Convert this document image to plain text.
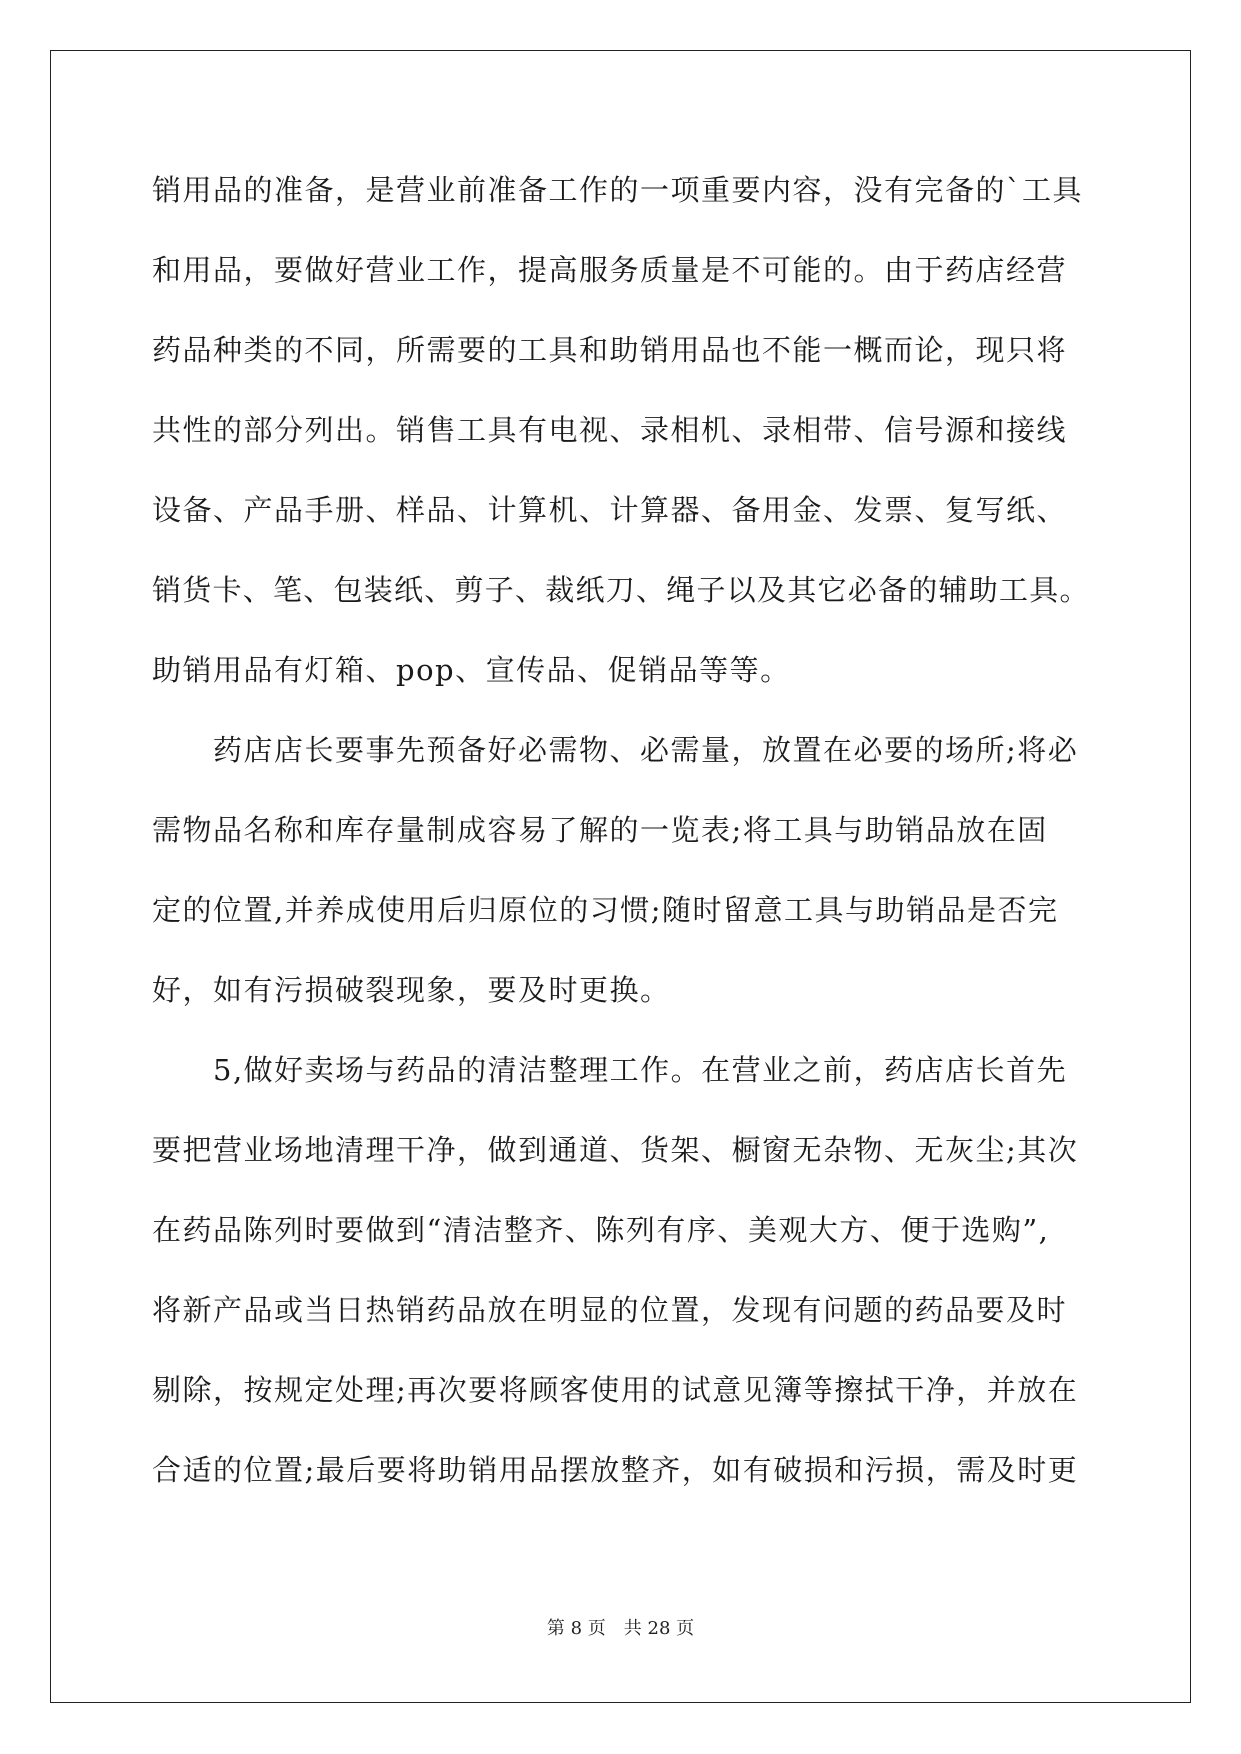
销用品的准备，是营业前准备工作的一项重要内容，没有完备的`工具
和用品，要做好营业工作，提高服务质量是不可能的。由于药店经营
药品种类的不同，所需要的工具和助销用品也不能一概而论，现只将
共性的部分列出。销售工具有电视、录相机、录相带、信号源和接线
设备、产品手册、样品、计算机、计算器、备用金、发票、复写纸、
销货卡、笔、包装纸、剪子、裁纸刀、绳子以及其它必备的辅助工具。
助销用品有灯箱、pop、宣传品、促销品等等。
　　药店店长要事先预备好必需物、必需量，放置在必要的场所;将必
需物品名称和库存量制成容易了解的一览表;将工具与助销品放在固
定的位置,并养成使用后归原位的习惯;随时留意工具与助销品是否完
好，如有污损破裂现象，要及时更换。
　　5,做好卖场与药品的清洁整理工作。在营业之前，药店店长首先
要把营业场地清理干净，做到通道、货架、橱窗无杂物、无灰尘;其次
在药品陈列时要做到“清洁整齐、陈列有序、美观大方、便于选购”,
将新产品或当日热销药品放在明显的位置，发现有问题的药品要及时
剔除，按规定处理;再次要将顾客使用的试意见簿等擦拭干净，并放在
合适的位置;最后要将助销用品摆放整齐，如有破损和污损，需及时更
第 8 页　共 28 页
